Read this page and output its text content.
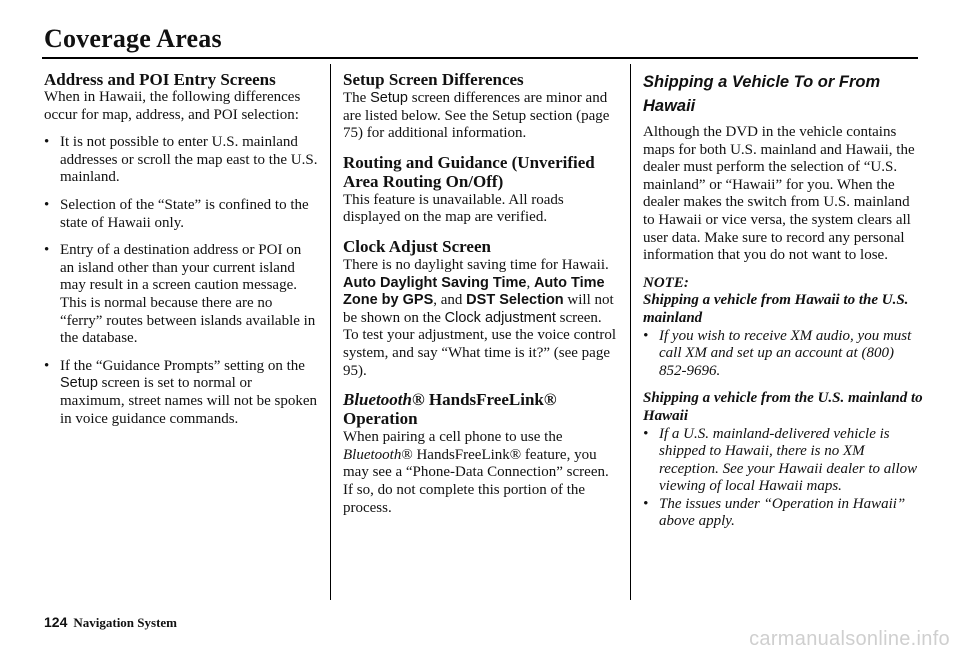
Coverage Areas
Address and POI Entry Screens

When in Hawaii, the following differences occur for map, address, and POI selection:

• It is not possible to enter U.S. mainland addresses or scroll the map east to the U.S. mainland.
• Selection of the “State” is confined to the state of Hawaii only.
• Entry of a destination address or POI on an island other than your current island may result in a screen caution message. This is normal because there are no “ferry” routes between islands available in the database.
• If the “Guidance Prompts” setting on the Setup screen is set to normal or maximum, street names will not be spoken in voice guidance commands.
Setup Screen Differences

The Setup screen differences are minor and are listed below. See the Setup section (page 75) for additional information.

Routing and Guidance (Unverified Area Routing On/Off)

This feature is unavailable. All roads displayed on the map are verified.

Clock Adjust Screen

There is no daylight saving time for Hawaii. Auto Daylight Saving Time, Auto Time Zone by GPS, and DST Selection will not be shown on the Clock adjustment screen. To test your adjustment, use the voice control system, and say “What time is it?” (see page 95).

Bluetooth® HandsFreeLink® Operation

When pairing a cell phone to use the Bluetooth® HandsFreeLink® feature, you may see a “Phone-Data Connection” screen. If so, do not complete this portion of the process.

Shipping a Vehicle To or From Hawaii

Although the DVD in the vehicle contains maps for both U.S. mainland and Hawaii, the dealer must perform the selection of “U.S. mainland” or “Hawaii” for you. When the dealer makes the switch from U.S. mainland to Hawaii or vice versa, the system clears all user data. Make sure to record any personal information that you do not want to lose.

NOTE:
Shipping a vehicle from Hawaii to the U.S. mainland
• If you wish to receive XM audio, you must call XM and set up an account at (800) 852-9696.
Shipping a vehicle from the U.S. mainland to Hawaii
• If a U.S. mainland-delivered vehicle is shipped to Hawaii, there is no XM reception. See your Hawaii dealer to allow viewing of local Hawaii maps.
• The issues under “Operation in Hawaii” above apply.
124 Navigation System
carmanualsonline.info
